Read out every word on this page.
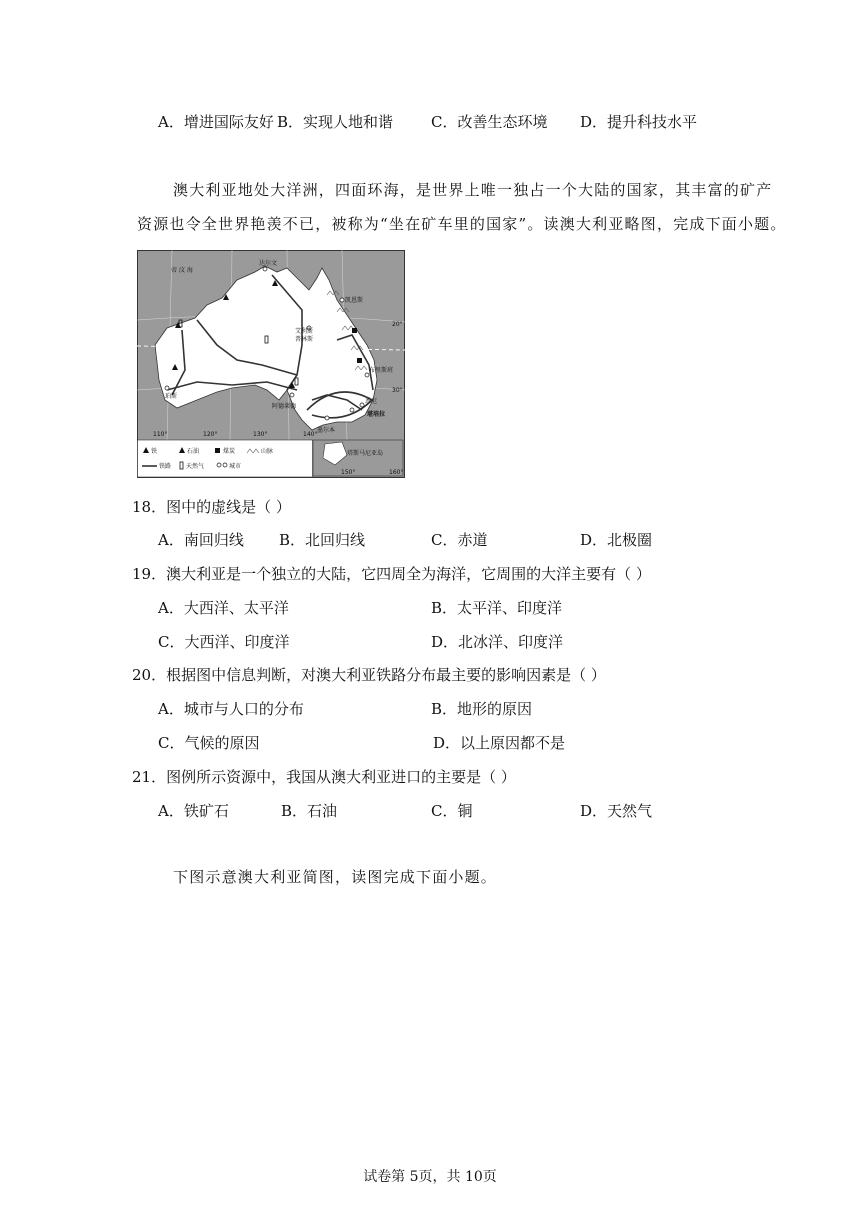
A．增进国际友好 B．实现人地和谐	C．改善生态环境 D．提升科技水平
澳大利亚地处大洋洲，四面环海，是世界上唯一独占一个大陆的国家，其丰富的矿产
资源也令全世界艳羡不已，被称为“坐在矿车里的国家”。读澳大利亚略图，完成下面小题。
帝 汶 海
达尔文
凯恩斯
艾利斯
普林斯
布里斯班
珀斯
阿德莱德
悉尼
堪培拉
墨尔本
塔斯马尼亚岛
20°
30°
110°	120°	130°	140°
150°	160°
铁	石油	煤炭	山脉
铁路 天然气	城市
18．图中的虚线是（ ）
A．南回归线 B．北回归线	C．赤道	D．北极圈
19．澳大利亚是一个独立的大陆，它四周全为海洋，它周围的大洋主要有（ ）
A．大西洋、太平洋	B．太平洋、印度洋
C．大西洋、印度洋	D．北冰洋、印度洋
20．根据图中信息判断，对澳大利亚铁路分布最主要的影响因素是（ ）
A．城市与人口的分布	B．地形的原因
C．气候的原因	D．以上原因都不是
21．图例所示资源中，我国从澳大利亚进口的主要是（ ）
A．铁矿石	B．石油	C．铜	D．天然气
下图示意澳大利亚简图，读图完成下面小题。
试卷第 5页，共 10页
